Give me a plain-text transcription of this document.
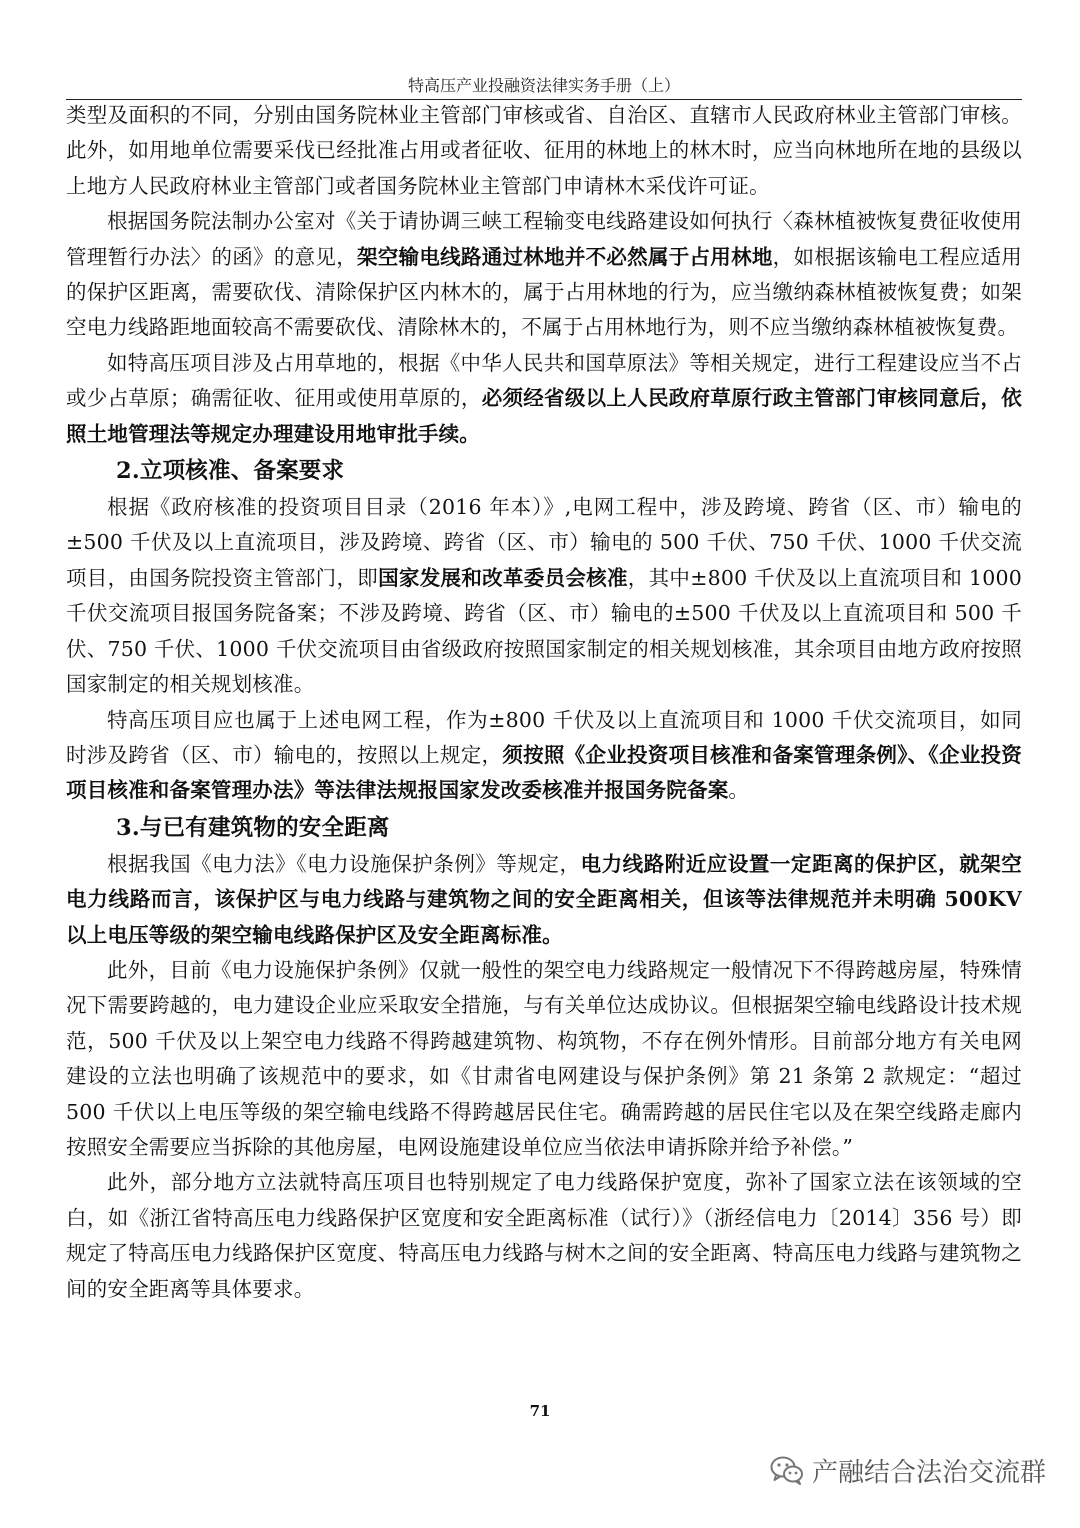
特高压产业投融资法律实务手册（上）

类型及面积的不同，分别由国务院林业主管部门审核或省、自治区、直辖市人民政府林业主管部门审核。此外，如用地单位需要采伐已经批准占用或者征收、征用的林地上的林木时，应当向林地所在地的县级以上地方人民政府林业主管部门或者国务院林业主管部门申请林木采伐许可证。

根据国务院法制办公室对《关于请协调三峡工程输变电线路建设如何执行〈森林植被恢复费征收使用管理暂行办法〉的函》的意见，架空输电线路通过林地并不必然属于占用林地，如根据该输电工程应适用的保护区距离，需要砍伐、清除保护区内林木的，属于占用林地的行为，应当缴纳森林植被恢复费；如架空电力线路距地面较高不需要砍伐、清除林木的，不属于占用林地行为，则不应当缴纳森林植被恢复费。

如特高压项目涉及占用草地的，根据《中华人民共和国草原法》等相关规定，进行工程建设应当不占或少占草原；确需征收、征用或使用草原的，必须经省级以上人民政府草原行政主管部门审核同意后，依照土地管理法等规定办理建设用地审批手续。

2.立项核准、备案要求

根据《政府核准的投资项目目录（2016 年本）》,电网工程中，涉及跨境、跨省（区、市）输电的±500 千伏及以上直流项目，涉及跨境、跨省（区、市）输电的 500 千伏、750 千伏、1000 千伏交流项目，由国务院投资主管部门，即国家发展和改革委员会核准，其中±800 千伏及以上直流项目和 1000 千伏交流项目报国务院备案；不涉及跨境、跨省（区、市）输电的±500 千伏及以上直流项目和 500 千伏、750 千伏、1000 千伏交流项目由省级政府按照国家制定的相关规划核准，其余项目由地方政府按照国家制定的相关规划核准。

特高压项目应也属于上述电网工程，作为±800 千伏及以上直流项目和 1000 千伏交流项目，如同时涉及跨省（区、市）输电的，按照以上规定，须按照《企业投资项目核准和备案管理条例》、《企业投资项目核准和备案管理办法》等法律法规报国家发改委核准并报国务院备案。

3.与已有建筑物的安全距离

根据我国《电力法》《电力设施保护条例》等规定，电力线路附近应设置一定距离的保护区，就架空电力线路而言，该保护区与电力线路与建筑物之间的安全距离相关，但该等法律规范并未明确 500KV 以上电压等级的架空输电线路保护区及安全距离标准。

此外，目前《电力设施保护条例》仅就一般性的架空电力线路规定一般情况下不得跨越房屋，特殊情况下需要跨越的，电力建设企业应采取安全措施，与有关单位达成协议。但根据架空输电线路设计技术规范，500 千伏及以上架空电力线路不得跨越建筑物、构筑物，不存在例外情形。目前部分地方有关电网建设的立法也明确了该规范中的要求，如《甘肃省电网建设与保护条例》第 21 条第 2 款规定：“超过 500 千伏以上电压等级的架空输电线路不得跨越居民住宅。确需跨越的居民住宅以及在架空线路走廊内按照安全需要应当拆除的其他房屋，电网设施建设单位应当依法申请拆除并给予补偿。”

此外，部分地方立法就特高压项目也特别规定了电力线路保护宽度，弥补了国家立法在该领域的空白，如《浙江省特高压电力线路保护区宽度和安全距离标准（试行）》（浙经信电力〔2014〕356 号）即规定了特高压电力线路保护区宽度、特高压电力线路与树木之间的安全距离、特高压电力线路与建筑物之间的安全距离等具体要求。

71
产融结合法治交流群
